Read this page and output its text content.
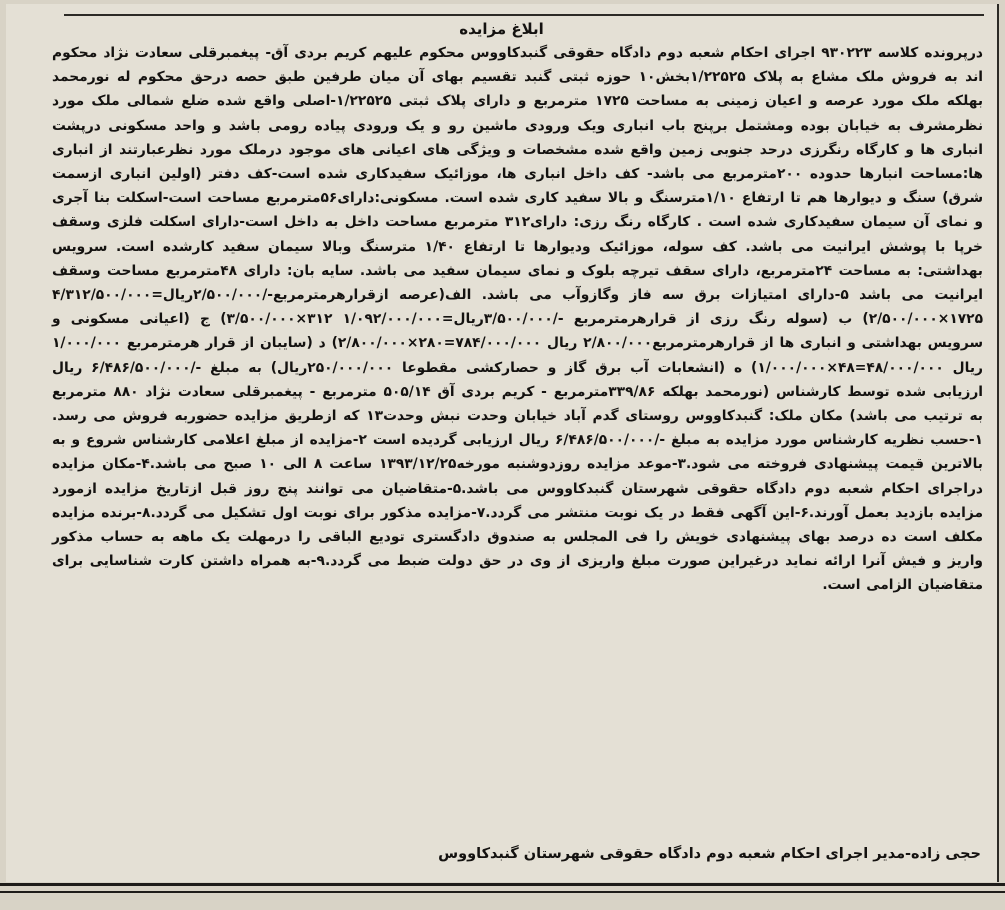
ابلاغ مزایده
درپرونده کلاسه ۹۳۰۲۲۳ اجرای احکام شعبه دوم دادگاه حقوقی گنبدکاووس محکوم علیهم کریم بردی آق- پیغمبرقلی سعادت نژاد محکوم اند به فروش ملک مشاع به پلاک ۱/۲۲۵۲۵بخش۱۰ حوزه ثبتی گنبد تقسیم بهای آن میان طرفین طبق حصه درحق محکوم له نورمحمد بهلکه ملک مورد عرصه و اعیان زمینی به مساحت ۱۷۲۵ مترمربع و دارای پلاک ثبتی ۱/۲۲۵۲۵-اصلی واقع شده ضلع شمالی ملک مورد نظرمشرف به خیابان بوده ومشتمل برپنج باب انباری ویک ورودی ماشین رو و یک ورودی پیاده رومی باشد و واحد مسکونی درپشت انباری ها و کارگاه رنگرزی درحد جنوبی زمین واقع شده مشخصات و ویژگی های اعیانی های موجود درملک مورد نظرعبارتند از انباری ها:مساحت انبارها حدوده ۲۰۰مترمربع می باشد- کف داخل انباری ها، موزائیک سفیدکاری شده است-کف دفتر (اولین انباری ازسمت شرق) سنگ و دیوارها هم تا ارتفاع ۱/۱۰مترسنگ و بالا سفید کاری شده است. مسکونی:دارای۵۶مترمربع مساحت است-اسکلت بنا آجری و نمای آن سیمان سفیدکاری شده است . کارگاه رنگ رزی: دارای۳۱۲ مترمربع مساحت داخل به داخل است-دارای اسکلت فلزی وسقف خرپا با پوشش ایرانیت می باشد. کف سوله، موزائیک ودیوارها تا ارتفاع ۱/۴۰ مترسنگ وبالا سیمان سفید کارشده است. سرویس بهداشتی: به مساحت ۲۴مترمربع، دارای سقف تیرچه بلوک و نمای سیمان سفید می باشد. سایه بان: دارای ۴۸مترمربع مساحت وسقف ایرانیت می باشد ۵-دارای امتیازات برق سه فاز وگازوآب می باشد. الف(عرصه ازقرارهرمترمربع-/۲/۵۰۰/۰۰۰ریال=۴/۳۱۲/۵۰۰/۰۰۰ ۱۷۲۵×۲/۵۰۰/۰۰۰) ب (سوله رنگ رزی از قرارهرمترمربع -/۳/۵۰۰/۰۰۰ریال=۱/۰۹۲/۰۰۰/۰۰۰ ۳۱۲×۳/۵۰۰/۰۰۰) ج (اعیانی مسکونی و سرویس بهداشتی و انباری ها از قرارهرمترمربع۲/۸۰۰/۰۰۰ ریال ۷۸۴/۰۰۰/۰۰۰=۲۸۰×۲/۸۰۰/۰۰۰) د (سایبان از قرار هرمترمربع ۱/۰۰۰/۰۰۰ ریال ۴۸/۰۰۰/۰۰۰=۴۸×۱/۰۰۰/۰۰۰) ه (انشعابات آب برق گاز و حصارکشی مقطوعا ۲۵۰/۰۰۰/۰۰۰ریال) به مبلغ -/۶/۴۸۶/۵۰۰/۰۰۰ ریال ارزیابی شده توسط کارشناس (نورمحمد بهلکه ۳۳۹/۸۶مترمربع - کریم بردی آق ۵۰۵/۱۴ مترمربع - پیغمبرقلی سعادت نژاد ۸۸۰ مترمربع به ترتیب می باشد) مکان ملک: گنبدکاووس روستای گدم آباد خیابان وحدت نبش وحدت۱۳ که ازطریق مزایده حضوربه فروش می رسد. ۱-حسب نظریه کارشناس مورد مزایده به مبلغ -/۶/۴۸۶/۵۰۰/۰۰۰ ریال ارزیابی گردیده است ۲-مزایده از مبلغ اعلامی کارشناس شروع و به بالاترین قیمت پیشنهادی فروخته می شود.۳-موعد مزایده روزدوشنبه مورخه۱۳۹۳/۱۲/۲۵ ساعت ۸ الی ۱۰ صبح می باشد.۴-مکان مزایده دراجرای احکام شعبه دوم دادگاه حقوقی شهرستان گنبدکاووس می باشد.۵-متقاضیان می توانند پنج روز قبل ازتاریخ مزایده ازمورد مزایده بازدید بعمل آورند.۶-این آگهی فقط در یک نوبت منتشر می گردد.۷-مزایده مذکور برای نوبت اول تشکیل می گردد.۸-برنده مزایده مکلف است ده درصد بهای پیشنهادی خویش را فی المجلس به صندوق دادگستری تودیع الباقی را درمهلت یک ماهه به حساب مذکور واریز و فیش آنرا ارائه نماید درغیراین صورت مبلغ واریزی از وی در حق دولت ضبط می گردد.۹-به همراه داشتن کارت شناسایی برای متقاضیان الزامی است.
حجی زاده-مدیر اجرای احکام شعبه دوم دادگاه حقوقی شهرستان گنبدکاووس
